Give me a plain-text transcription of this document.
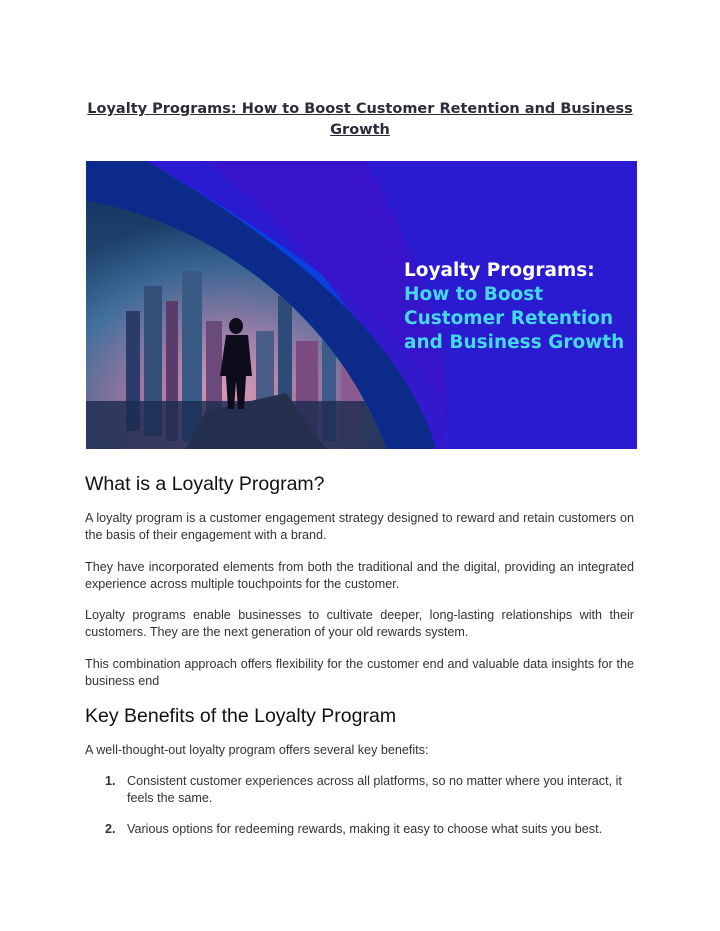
Loyalty Programs: How to Boost Customer Retention and Business Growth
Loyalty Programs:
How to Boost
Customer Retention
and Business Growth
What is a Loyalty Program?

A loyalty program is a customer engagement strategy designed to reward and retain customers on the basis of their engagement with a brand.

They have incorporated elements from both the traditional and the digital, providing an integrated experience across multiple touchpoints for the customer.

Loyalty programs enable businesses to cultivate deeper, long-lasting relationships with their customers. They are the next generation of your old rewards system.

This combination approach offers flexibility for the customer end and valuable data insights for the business end

Key Benefits of the Loyalty Program

A well-thought-out loyalty program offers several key benefits:

1. Consistent customer experiences across all platforms, so no matter where you interact, it feels the same.
2. Various options for redeeming rewards, making it easy to choose what suits you best.
